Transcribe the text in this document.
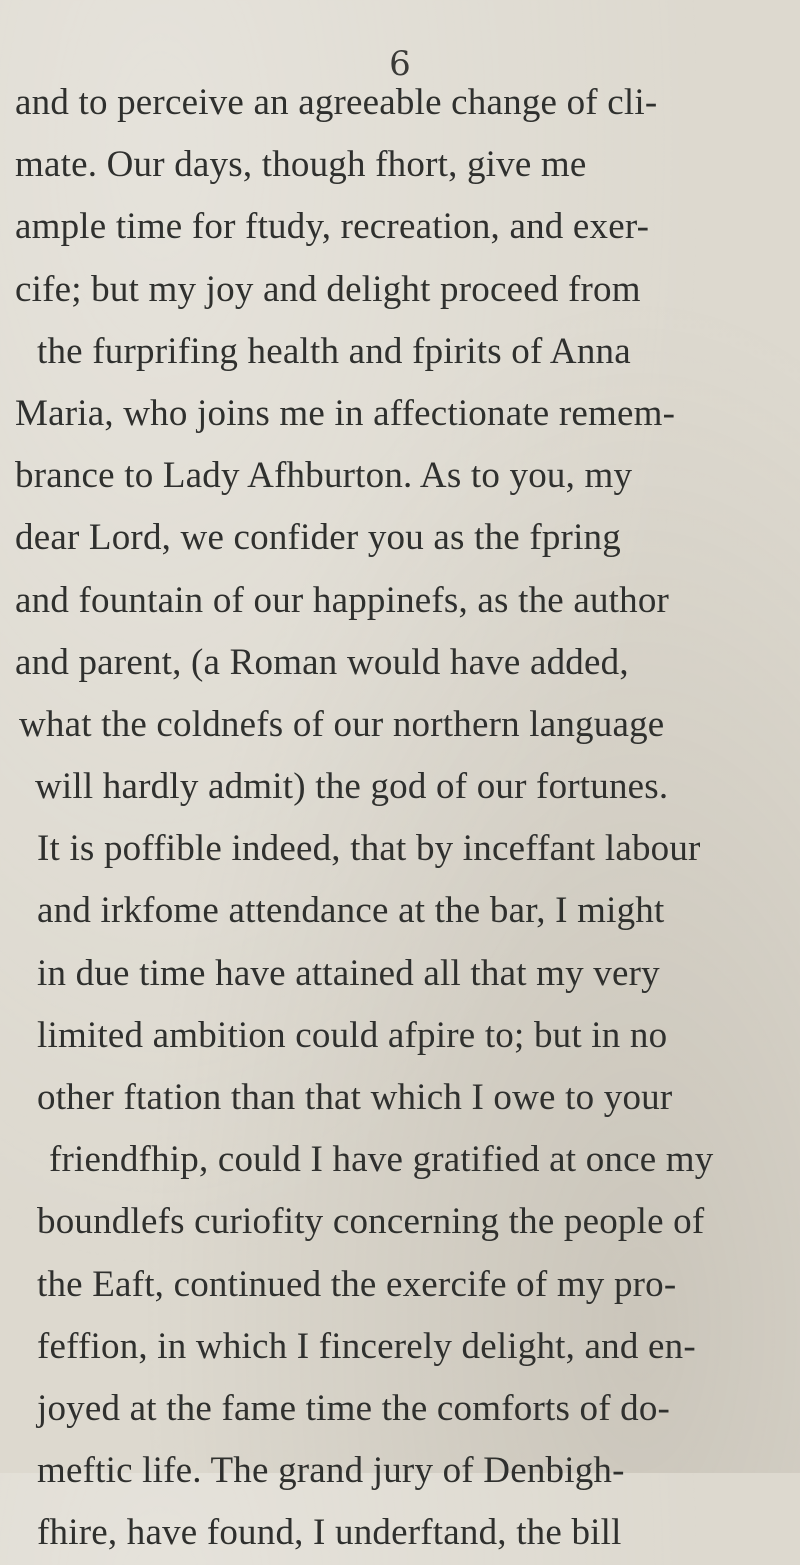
6
and to perceive an agreeable change of cli-
mate. Our days, though fhort, give me
ample time for ftudy, recreation, and exer-
cife; but my joy and delight proceed from
the furprifing health and fpirits of Anna
Maria, who joins me in affectionate remem-
brance to Lady Afhburton. As to you, my
dear Lord, we confider you as the fpring
and fountain of our happinefs, as the author
and parent, (a Roman would have added,
what the coldnefs of our northern language
will hardly admit) the god of our fortunes.
It is poffible indeed, that by inceffant labour
and irkfome attendance at the bar, I might
in due time have attained all that my very
limited ambition could afpire to; but in no
other ftation than that which I owe to your
friendfhip, could I have gratified at once my
boundlefs curiofity concerning the people of
the Eaft, continued the exercife of my pro-
feffion, in which I fincerely delight, and en-
joyed at the fame time the comforts of do-
meftic life. The grand jury of Denbigh-
fhire, have found, I underftand, the bill
